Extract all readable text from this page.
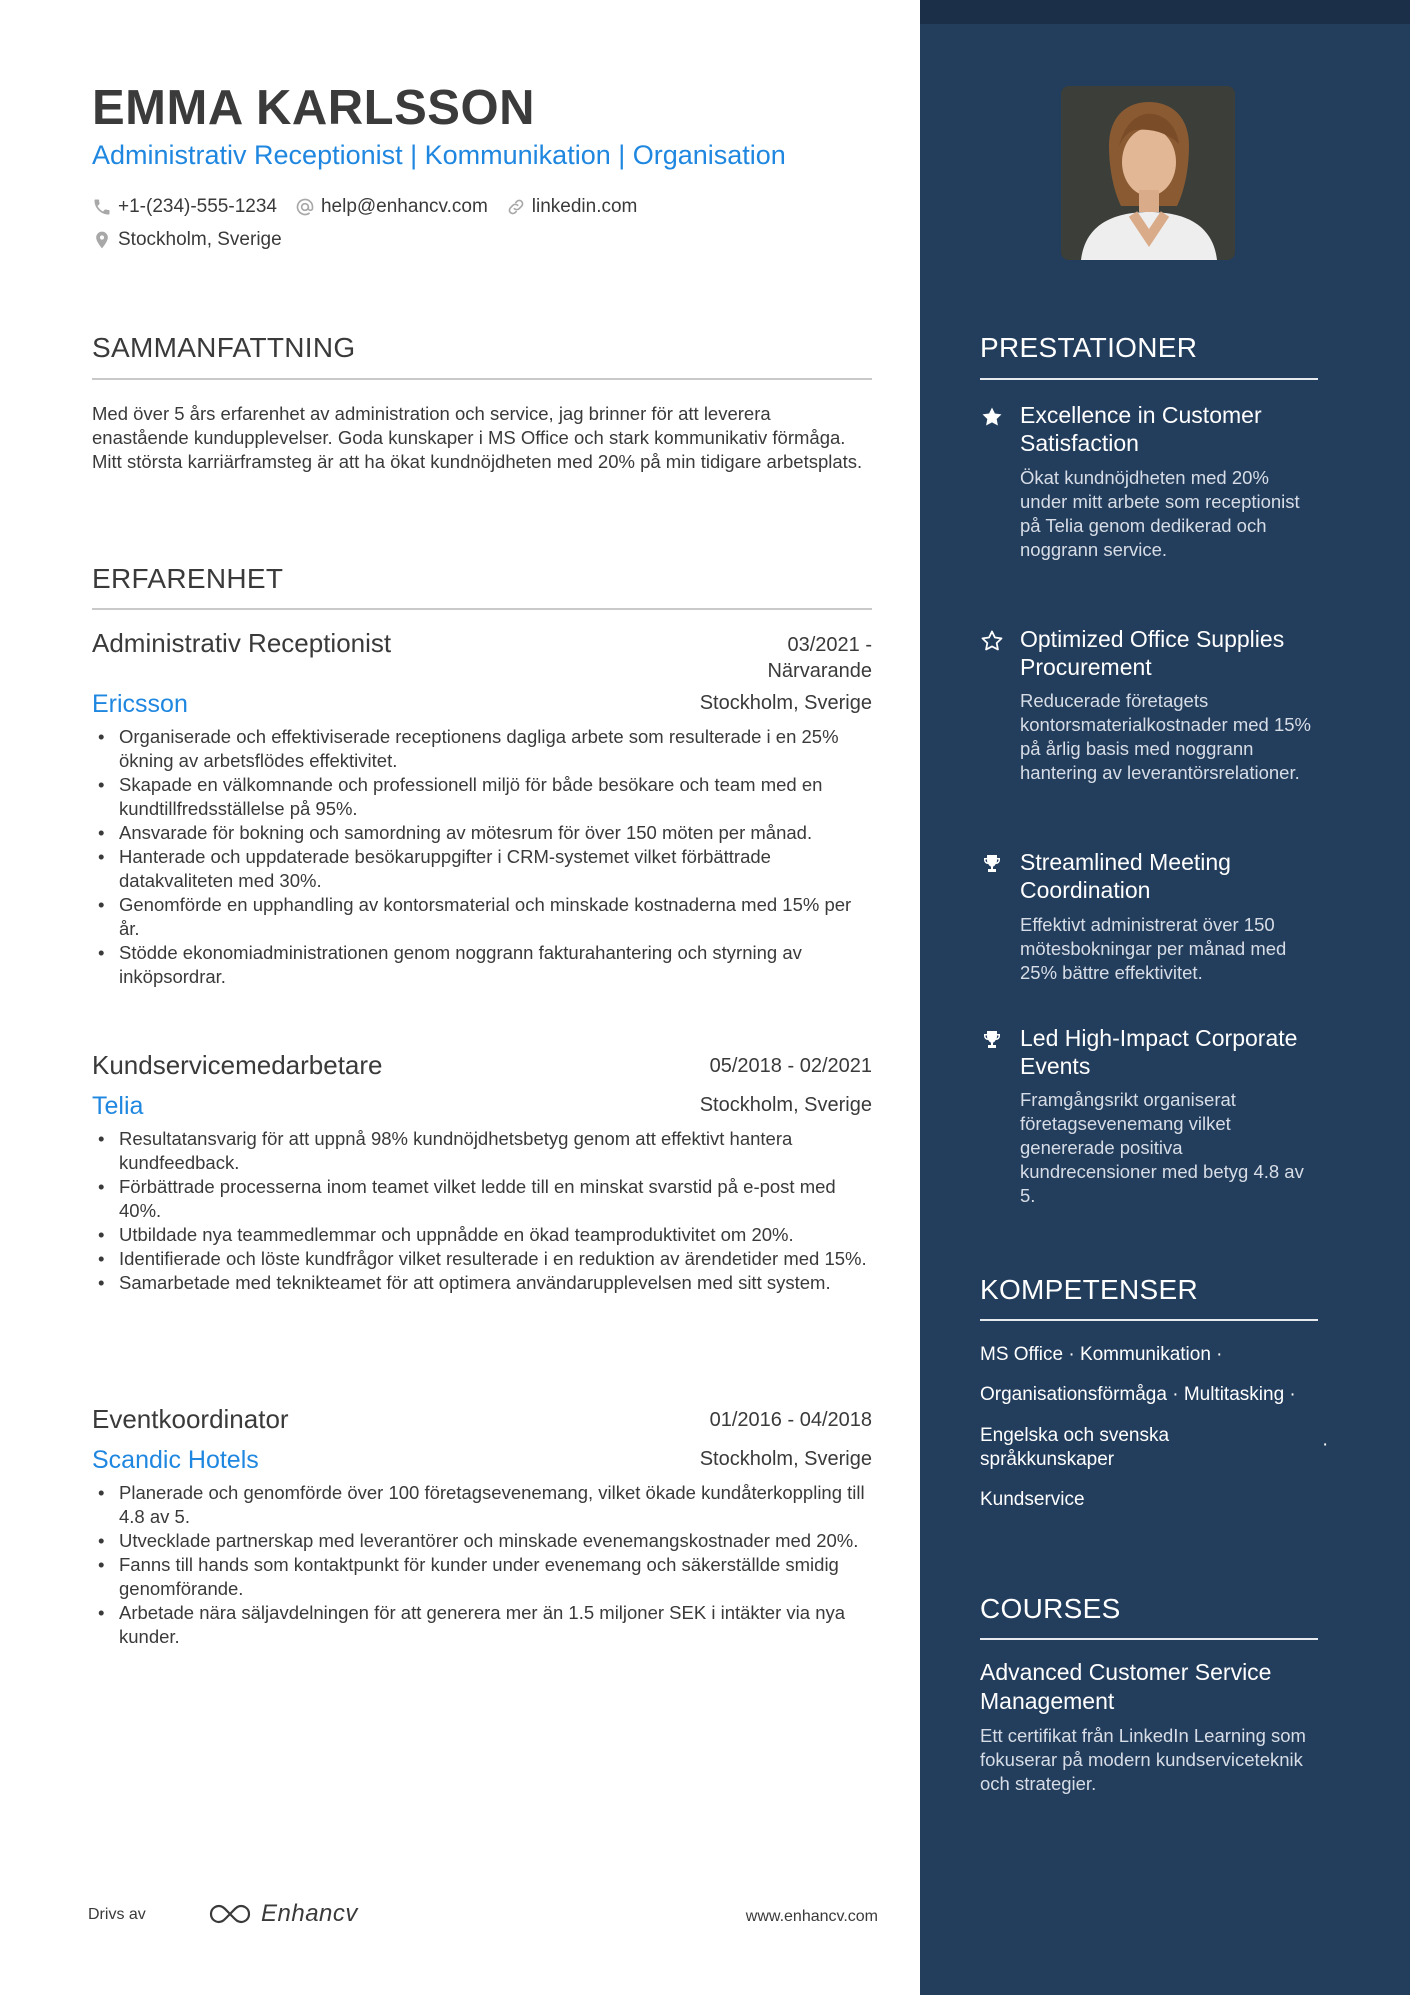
EMMA KARLSSON
Administrativ Receptionist | Kommunikation | Organisation
+1-(234)-555-1234 help@enhancv.com linkedin.com
Stockholm, Sverige
SAMMANFATTNING
Med över 5 års erfarenhet av administration och service, jag brinner för att leverera enastående kundupplevelser. Goda kunskaper i MS Office och stark kommunikativ förmåga. Mitt största karriärframsteg är att ha ökat kundnöjdheten med 20% på min tidigare arbetsplats.
ERFARENHET
Administrativ Receptionist	03/2021 -
Närvarande
Ericsson	Stockholm, Sverige
• Organiserade och effektiviserade receptionens dagliga arbete som resulterade i en 25% ökning av arbetsflödes effektivitet.
• Skapade en välkomnande och professionell miljö för både besökare och team med en kundtillfredsställelse på 95%.
• Ansvarade för bokning och samordning av mötesrum för över 150 möten per månad.
• Hanterade och uppdaterade besökaruppgifter i CRM-systemet vilket förbättrade datakvaliteten med 30%.
• Genomförde en upphandling av kontorsmaterial och minskade kostnaderna med 15% per år.
• Stödde ekonomiadministrationen genom noggrann fakturahantering och styrning av inköpsordrar.
Kundservicemedarbetare	05/2018 - 02/2021
Telia	Stockholm, Sverige
• Resultatansvarig för att uppnå 98% kundnöjdhetsbetyg genom att effektivt hantera kundfeedback.
• Förbättrade processerna inom teamet vilket ledde till en minskat svarstid på e-post med 40%.
• Utbildade nya teammedlemmar och uppnådde en ökad teamproduktivitet om 20%.
• Identifierade och löste kundfrågor vilket resulterade i en reduktion av ärendetider med 15%.
• Samarbetade med teknikteamet för att optimera användarupplevelsen med sitt system.
Eventkoordinator	01/2016 - 04/2018
Scandic Hotels	Stockholm, Sverige
• Planerade och genomförde över 100 företagsevenemang, vilket ökade kundåterkoppling till 4.8 av 5.
• Utvecklade partnerskap med leverantörer och minskade evenemangskostnader med 20%.
• Fanns till hands som kontaktpunkt för kunder under evenemang och säkerställde smidig genomförande.
• Arbetade nära säljavdelningen för att generera mer än 1.5 miljoner SEK i intäkter via nya kunder.
Drivs av	Enhancv	www.enhancv.com
PRESTATIONER
Excellence in Customer Satisfaction
Ökat kundnöjdheten med 20% under mitt arbete som receptionist på Telia genom dedikerad och noggrann service.
Optimized Office Supplies Procurement
Reducerade företagets kontorsmaterialkostnader med 15% på årlig basis med noggrann hantering av leverantörsrelationer.
Streamlined Meeting Coordination
Effektivt administrerat över 150 mötesbokningar per månad med 25% bättre effektivitet.
Led High-Impact Corporate Events
Framgångsrikt organiserat företagsevenemang vilket genererade positiva kundrecensioner med betyg 4.8 av 5.
KOMPETENSER
MS Office · Kommunikation ·
Organisationsförmåga · Multitasking ·
Engelska och svenska
språkkunskaper
·
Kundservice
COURSES
Advanced Customer Service Management
Ett certifikat från LinkedIn Learning som fokuserar på modern kundserviceteknik och strategier.
